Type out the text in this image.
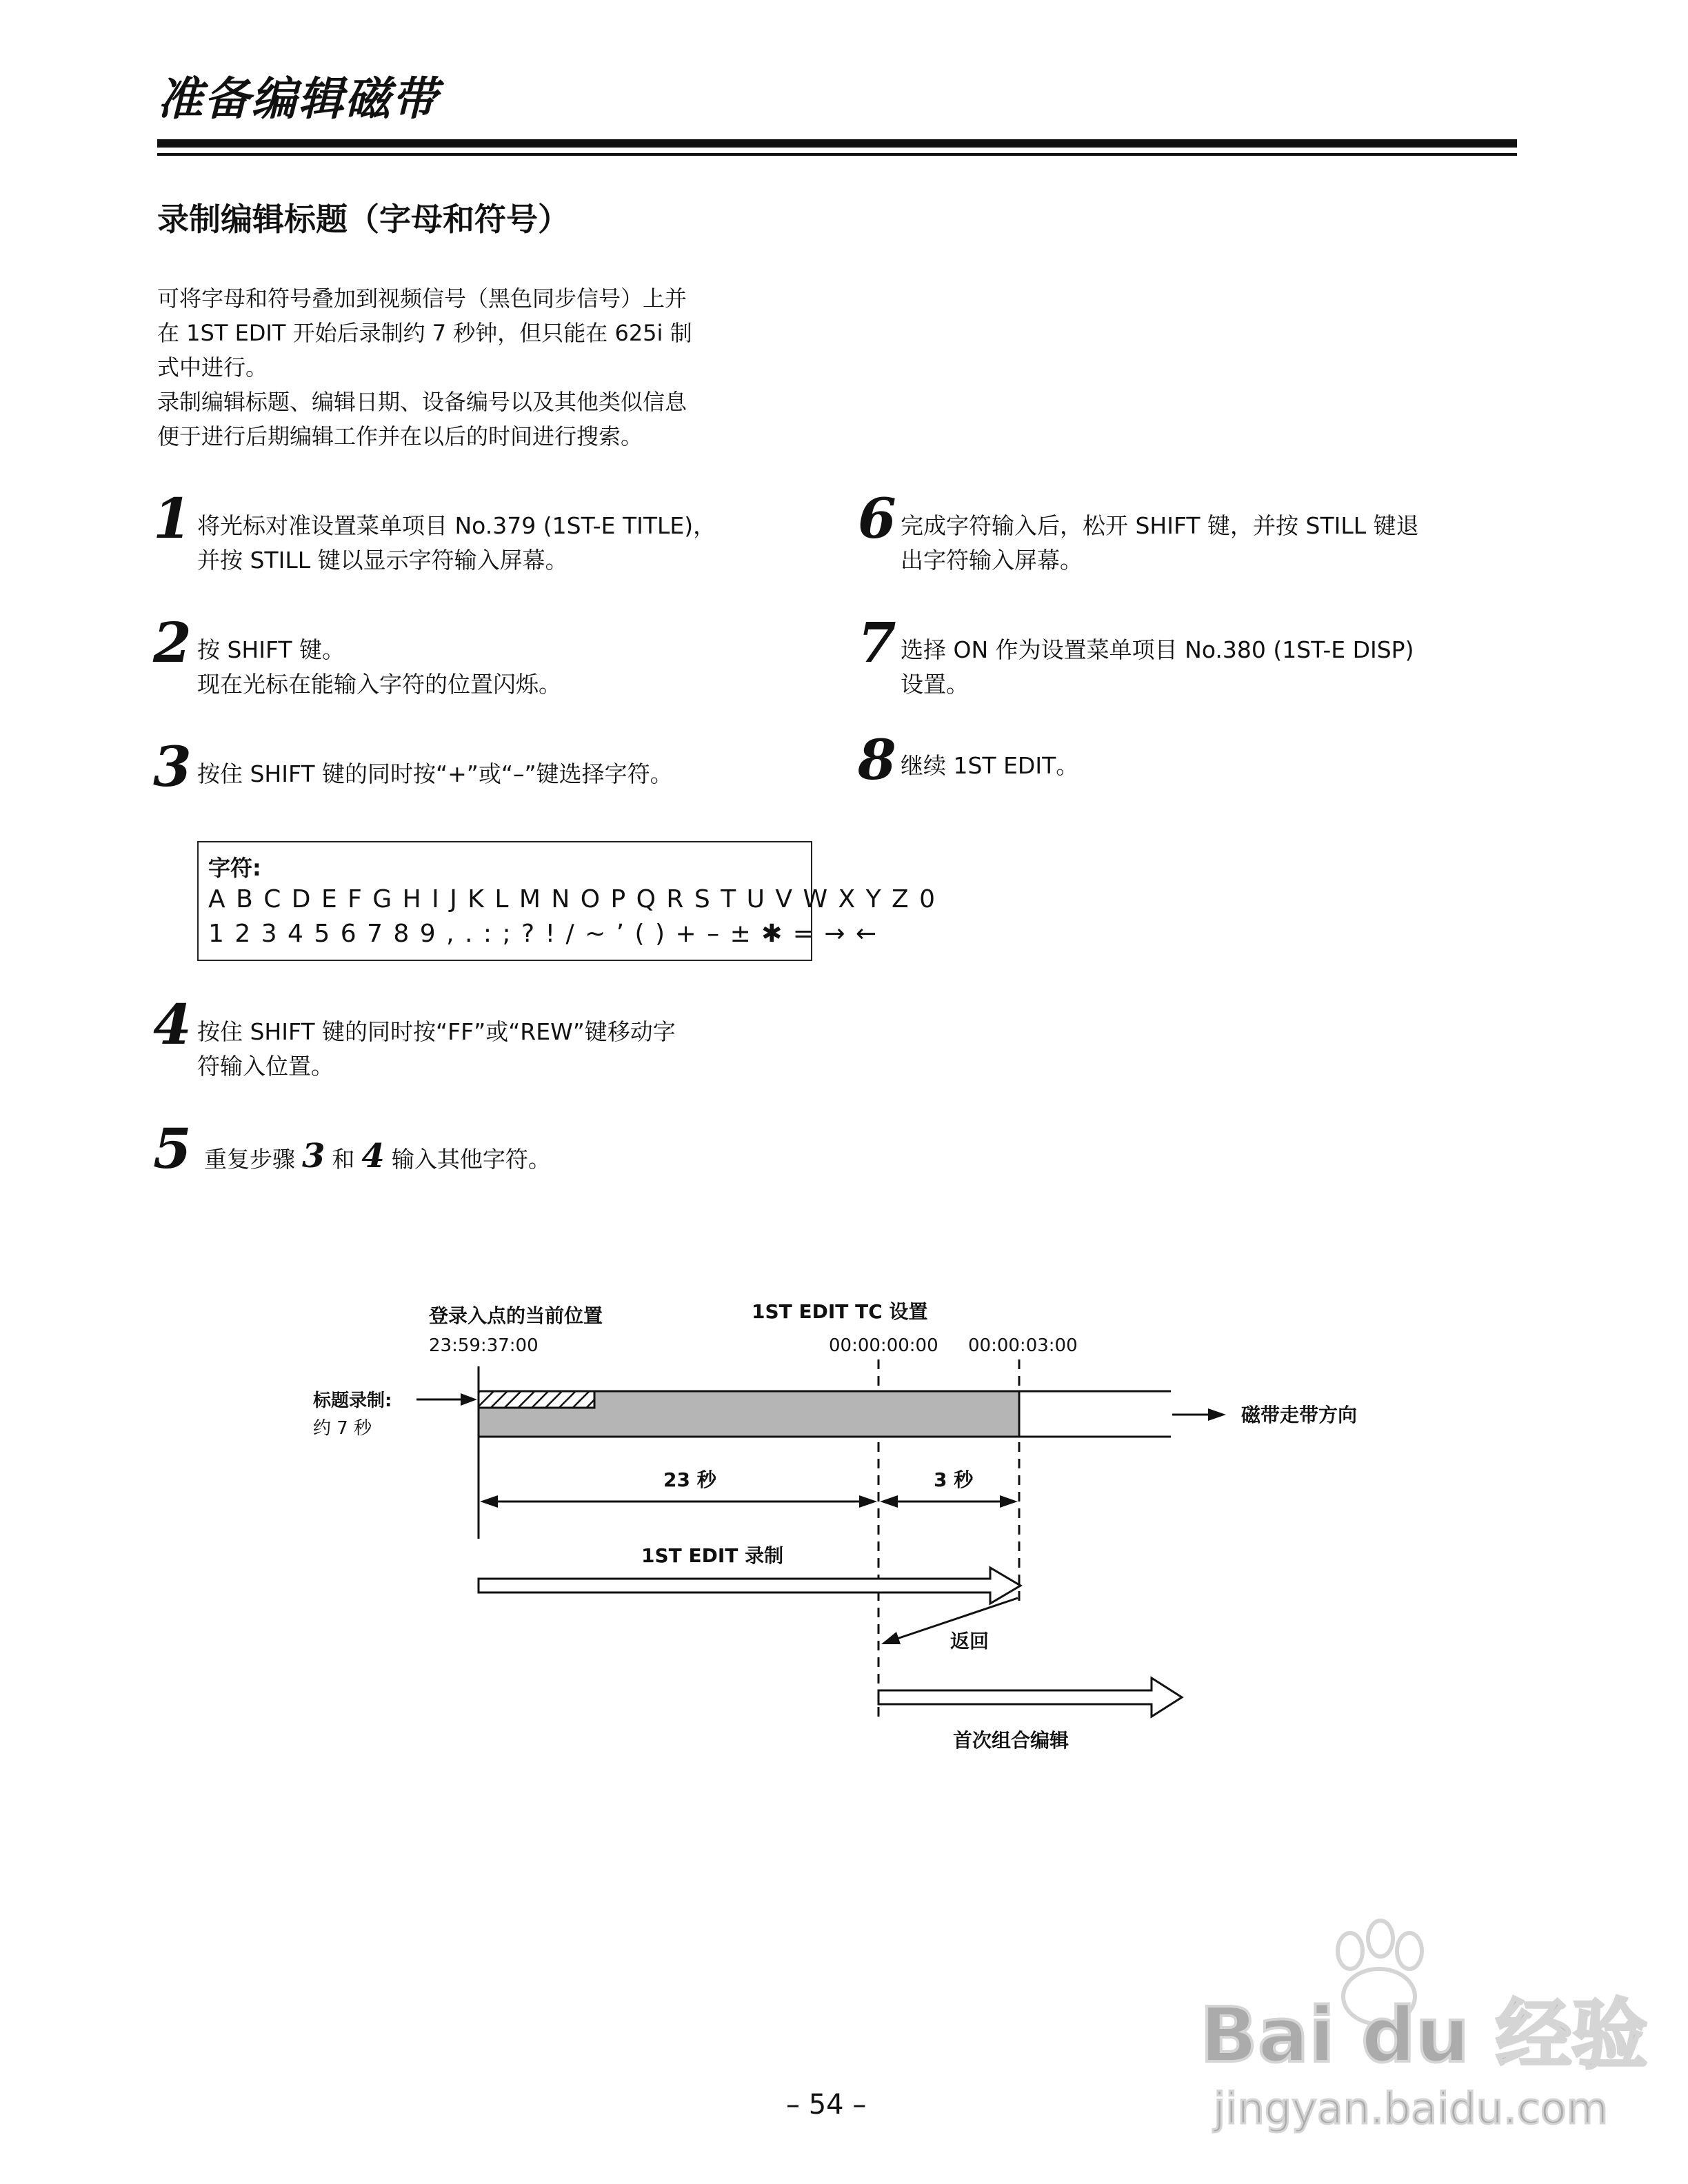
准备编辑磁带
录制编辑标题（字母和符号）
可将字母和符号叠加到视频信号（黑色同步信号）上并
在 1ST EDIT 开始后录制约 7 秒钟，但只能在 625i 制
式中进行。
录制编辑标题、编辑日期、设备编号以及其他类似信息
便于进行后期编辑工作并在以后的时间进行搜索。
1 将光标对准设置菜单项目 No.379 (1ST-E TITLE)，
并按 STILL 键以显示字符输入屏幕。
2 按 SHIFT 键。
现在光标在能输入字符的位置闪烁。
3 按住 SHIFT 键的同时按“+”或“–”键选择字符。
字符:
A B C D E F G H I J K L M N O P Q R S T U V W X Y Z 0
1 2 3 4 5 6 7 8 9 , . : ; ? ! / ~ ’ ( ) + – ± ✱ = → ←
4 按住 SHIFT 键的同时按“FF”或“REW”键移动字
符输入位置。
5 重复步骤 3 和 4 输入其他字符。
6 完成字符输入后，松开 SHIFT 键，并按 STILL 键退
出字符输入屏幕。
7 选择 ON 作为设置菜单项目 No.380 (1ST-E DISP)
设置。
8 继续 1ST EDIT。
登录入点的当前位置
23:59:37:00
1ST EDIT TC 设置
00:00:00:00 00:00:03:00
标题录制:
约 7 秒
磁带走带方向
23 秒	3 秒
1ST EDIT 录制
返回
首次组合编辑
Bai du 经验
jingyan.baidu.com
– 54 –
